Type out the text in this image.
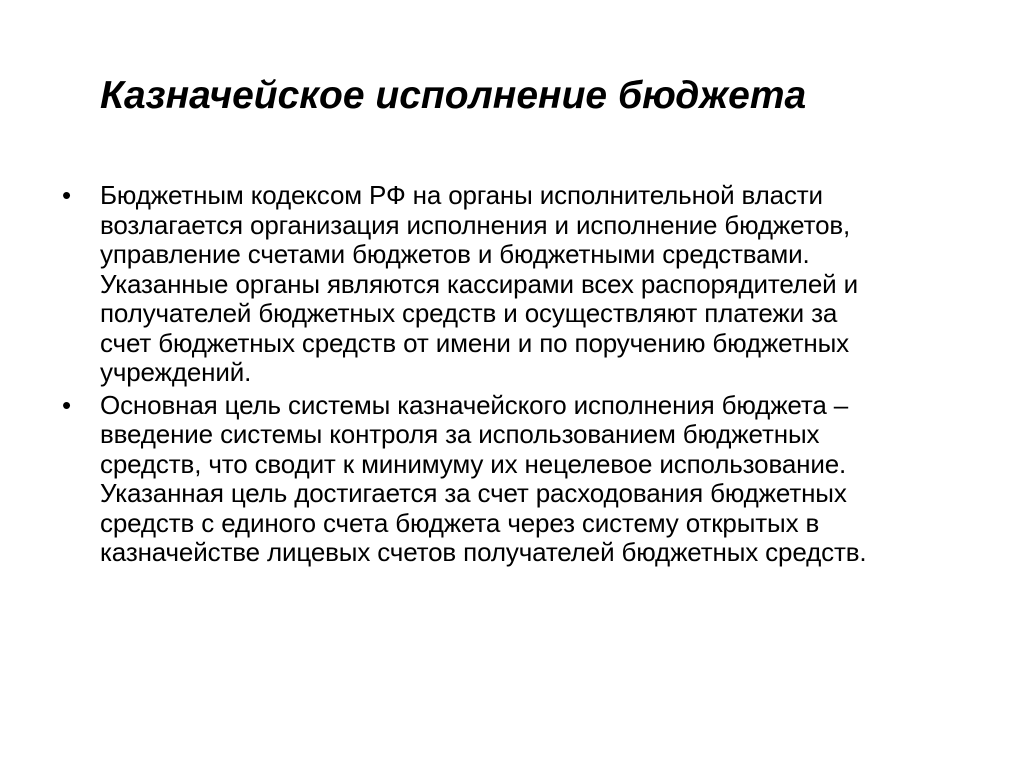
Казначейское исполнение бюджета
•	Бюджетным кодексом РФ на органы исполнительной власти
возлагается организация исполнения и исполнение бюджетов,
управление счетами бюджетов и бюджетными средствами.
Указанные органы являются кассирами всех распорядителей и
получателей бюджетных средств и осуществляют платежи за
счет бюджетных средств от имени и по поручению бюджетных
учреждений.
•	Основная цель системы казначейского исполнения бюджета –
введение системы контроля за использованием бюджетных
средств, что сводит к минимуму их нецелевое использование.
Указанная цель достигается за счет расходования бюджетных
средств с единого счета бюджета через систему открытых в
казначействе лицевых счетов получателей бюджетных средств.
